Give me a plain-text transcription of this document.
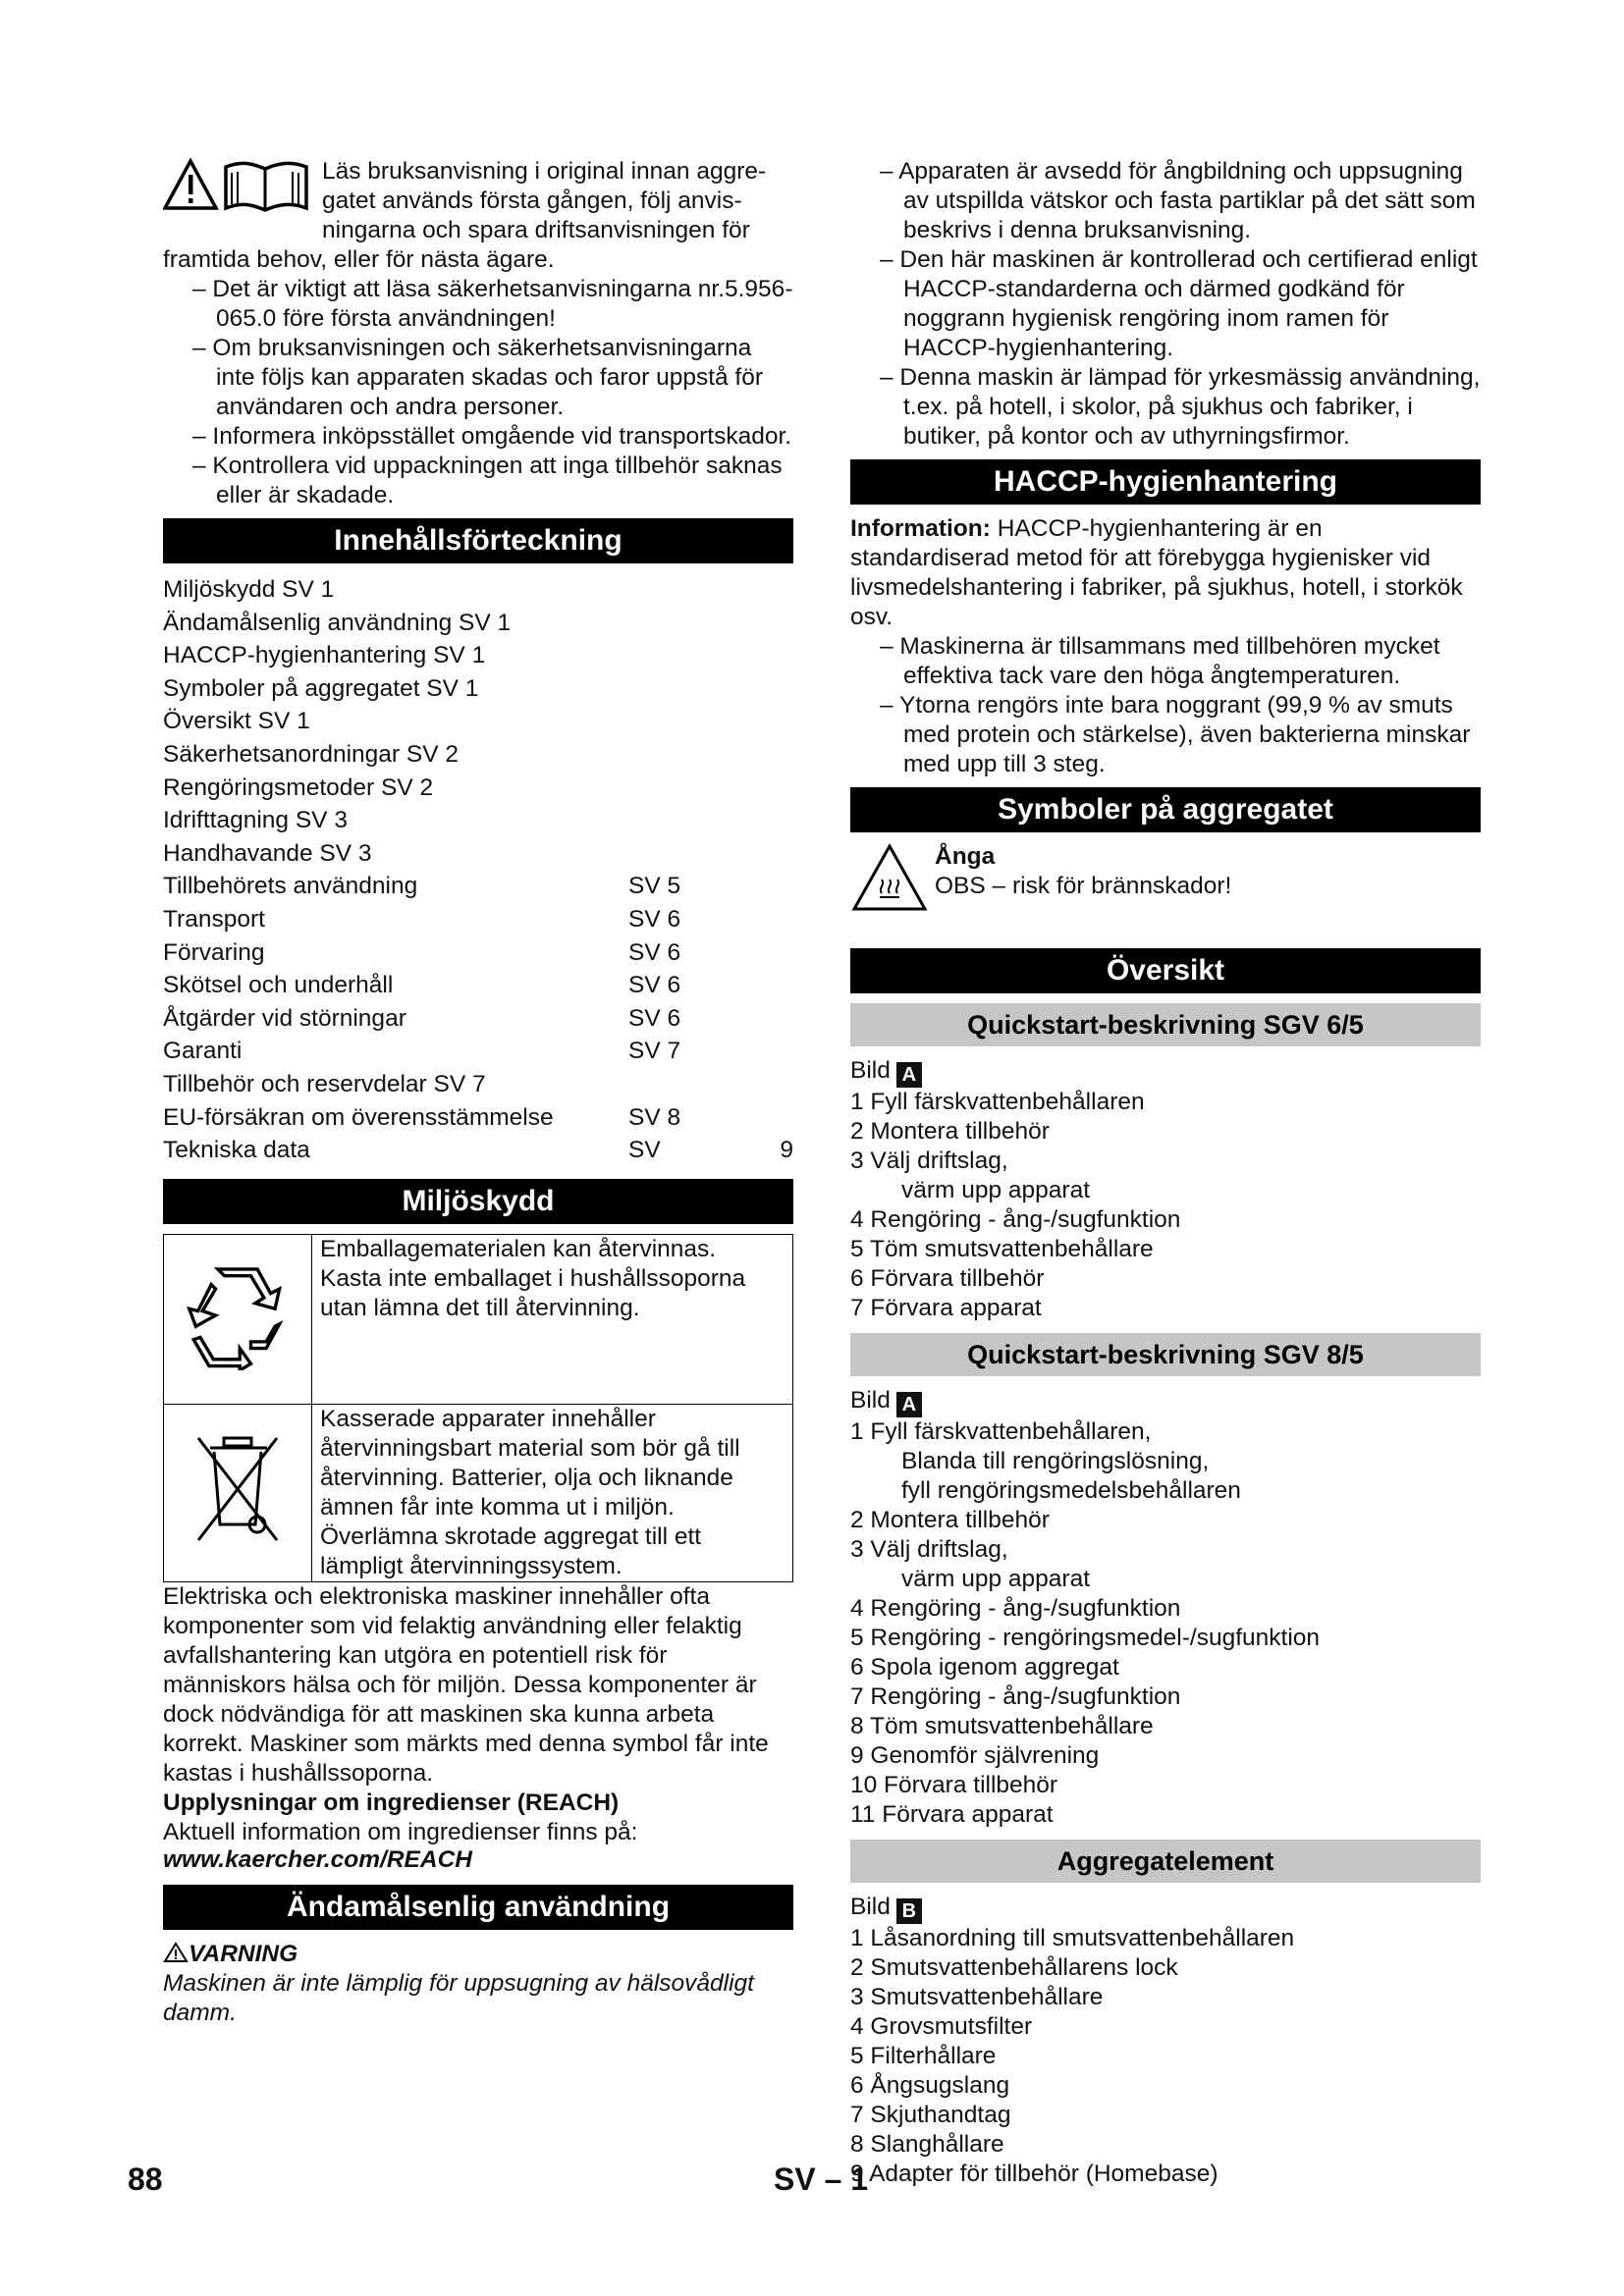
Läs bruksanvisning i original innan aggre-

gatet används första gången, följ anvis-

ningarna och spara driftsanvisningen för

framtida behov, eller för nästa ägare.

– Det är viktigt att läsa säkerhetsanvisningarna nr.5.956-065.0 före första användningen!

– Om bruksanvisningen och säkerhetsanvisningarna inte följs kan apparaten skadas och faror uppstå för användaren och andra personer.

– Informera inköpsstället omgående vid transportskador.

– Kontrollera vid uppackningen att inga tillbehör saknas eller är skadade.

Innehållsförteckning
Miljöskydd SV 1
Ändamålsenlig användning SV 1
HACCP-hygienhantering SV 1
Symboler på aggregatet SV 1
Översikt SV 1
Säkerhetsanordningar SV 2
Rengöringsmetoder SV 2
Idrifttagning SV 3
Handhavande SV 3
Tillbehörets användning	SV 5
Transport	SV 6
Förvaring	SV 6
Skötsel och underhåll	SV 6
Åtgärder vid störningar	SV 6
Garanti	SV 7
Tillbehör och reservdelar SV 7
EU-försäkran om överensstämmelse	SV 8
Tekniska data	SV	9
Miljöskydd
	Emballagematerialen kan återvinnas. Kasta inte emballaget i hushållssoporna utan lämna det till återvinning.
	Kasserade apparater innehåller återvinningsbart material som bör gå till återvinning. Batterier, olja och liknande ämnen får inte komma ut i miljön. Överlämna skrotade aggregat till ett lämpligt återvinningssystem.

Elektriska och elektroniska maskiner innehåller ofta komponenter som vid felaktig användning eller felaktig avfallshantering kan utgöra en potentiell risk för människors hälsa och för miljön. Dessa komponenter är dock nödvändiga för att maskinen ska kunna arbeta korrekt. Maskiner som märkts med denna symbol får inte kastas i hushållssoporna.

Upplysningar om ingredienser (REACH)

Aktuell information om ingredienser finns på:

www.kaercher.com/REACH

Ändamålsenlig användning

VARNING

Maskinen är inte lämplig för uppsugning av hälsovådligt damm.

– Apparaten är avsedd för ångbildning och uppsugning av utspillda vätskor och fasta partiklar på det sätt som beskrivs i denna bruksanvisning.

– Den här maskinen är kontrollerad och certifierad enligt HACCP-standarderna och därmed godkänd för noggrann hygienisk rengöring inom ramen för HACCP-hygienhantering.

– Denna maskin är lämpad för yrkesmässig användning, t.ex. på hotell, i skolor, på sjukhus och fabriker, i butiker, på kontor och av uthyrningsfirmor.

HACCP-hygienhantering

Information: HACCP-hygienhantering är en standardiserad metod för att förebygga hygienisker vid livsmedelshantering i fabriker, på sjukhus, hotell, i storkök osv.

– Maskinerna är tillsammans med tillbehören mycket effektiva tack vare den höga ångtemperaturen.

– Ytorna rengörs inte bara noggrant (99,9 % av smuts med protein och stärkelse), även bakterierna minskar med upp till 3 steg.

Symboler på aggregatet

Ånga

OBS – risk för brännskador!

Översikt
Quickstart-beskrivning SGV 6/5

Bild A

1 Fyll färskvattenbehållaren

2 Montera tillbehör

3 Välj driftslag,

värm upp apparat

4 Rengöring - ång-/sugfunktion

5 Töm smutsvattenbehållare

6 Förvara tillbehör

7 Förvara apparat

Quickstart-beskrivning SGV 8/5

Bild A

1 Fyll färskvattenbehållaren,

Blanda till rengöringslösning,

fyll rengöringsmedelsbehållaren

2 Montera tillbehör

3 Välj driftslag,

värm upp apparat

4 Rengöring - ång-/sugfunktion

5 Rengöring - rengöringsmedel-/sugfunktion

6 Spola igenom aggregat

7 Rengöring - ång-/sugfunktion

8 Töm smutsvattenbehållare

9 Genomför självrening

10 Förvara tillbehör

11 Förvara apparat

Aggregatelement

Bild B

1 Låsanordning till smutsvattenbehållaren

2 Smutsvattenbehållarens lock

3 Smutsvattenbehållare

4 Grovsmutsfilter

5 Filterhållare

6 Ångsugslang

7 Skjuthandtag

8 Slanghållare

9 Adapter för tillbehör (Homebase)

88	SV – 1
